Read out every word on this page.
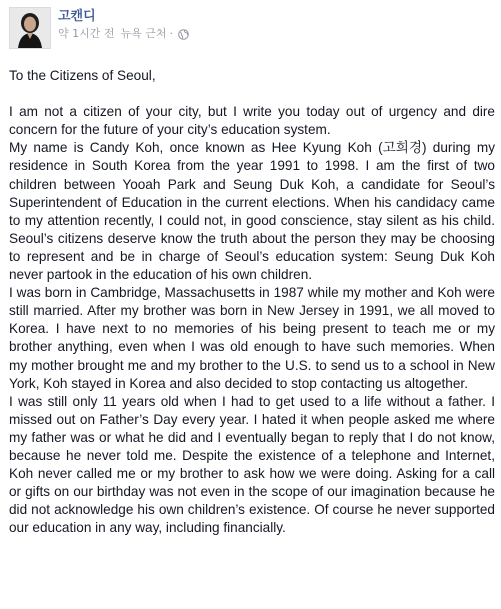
고캔디
약 1시간 전 뉴욕 근처 ·

To the Citizens of Seoul,

I am not a citizen of your city, but I write you today out of urgency and dire concern for the future of your city’s education system.

My name is Candy Koh, once known as Hee Kyung Koh (고희경) during my residence in South Korea from the year 1991 to 1998. I am the first of two children between Yooah Park and Seung Duk Koh, a candidate for Seoul’s Superintendent of Education in the current elections. When his candidacy came to my attention recently, I could not, in good conscience, stay silent as his child. Seoul’s citizens deserve know the truth about the person they may be choosing to represent and be in charge of Seoul’s education system: Seung Duk Koh never partook in the education of his own children.

I was born in Cambridge, Massachusetts in 1987 while my mother and Koh were still married. After my brother was born in New Jersey in 1991, we all moved to Korea. I have next to no memories of his being present to teach me or my brother anything, even when I was old enough to have such memories. When my mother brought me and my brother to the U.S. to send us to a school in New York, Koh stayed in Korea and also decided to stop contacting us altogether.

I was still only 11 years old when I had to get used to a life without a father. I missed out on Father’s Day every year. I hated it when people asked me where my father was or what he did and I eventually began to reply that I do not know, because he never told me. Despite the existence of a telephone and Internet, Koh never called me or my brother to ask how we were doing. Asking for a call or gifts on our birthday was not even in the scope of our imagination because he did not acknowledge his own children’s existence. Of course he never supported our education in any way, including financially.
